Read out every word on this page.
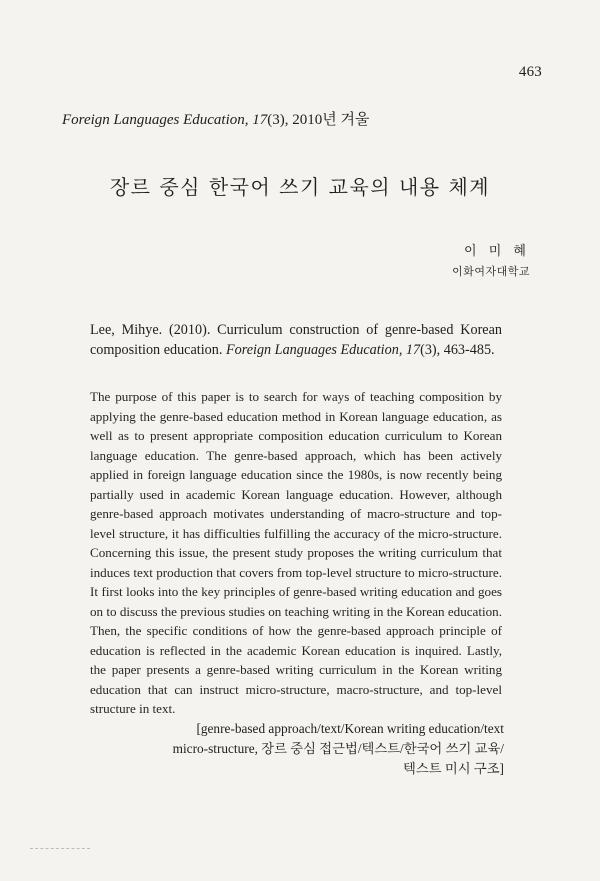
463
Foreign Languages Education, 17(3), 2010년 겨울
장르 중심 한국어 쓰기 교육의 내용 체계
이 미 혜
이화여자대학교
Lee, Mihye. (2010). Curriculum construction of genre-based Korean composition education. Foreign Languages Education, 17(3), 463-485.
The purpose of this paper is to search for ways of teaching composition by applying the genre-based education method in Korean language education, as well as to present appropriate composition education curriculum to Korean language education. The genre-based approach, which has been actively applied in foreign language education since the 1980s, is now recently being partially used in academic Korean language education. However, although genre-based approach motivates understanding of macro-structure and top-level structure, it has difficulties fulfilling the accuracy of the micro-structure. Concerning this issue, the present study proposes the writing curriculum that induces text production that covers from top-level structure to micro-structure. It first looks into the key principles of genre-based writing education and goes on to discuss the previous studies on teaching writing in the Korean education. Then, the specific conditions of how the genre-based approach principle of education is reflected in the academic Korean education is inquired. Lastly, the paper presents a genre-based writing curriculum in the Korean writing education that can instruct micro-structure, macro-structure, and top-level structure in text.
[genre-based approach/text/Korean writing education/text
micro-structure, 장르 중심 접근법/텍스트/한국어 쓰기 교육/
텍스트 미시 구조]
